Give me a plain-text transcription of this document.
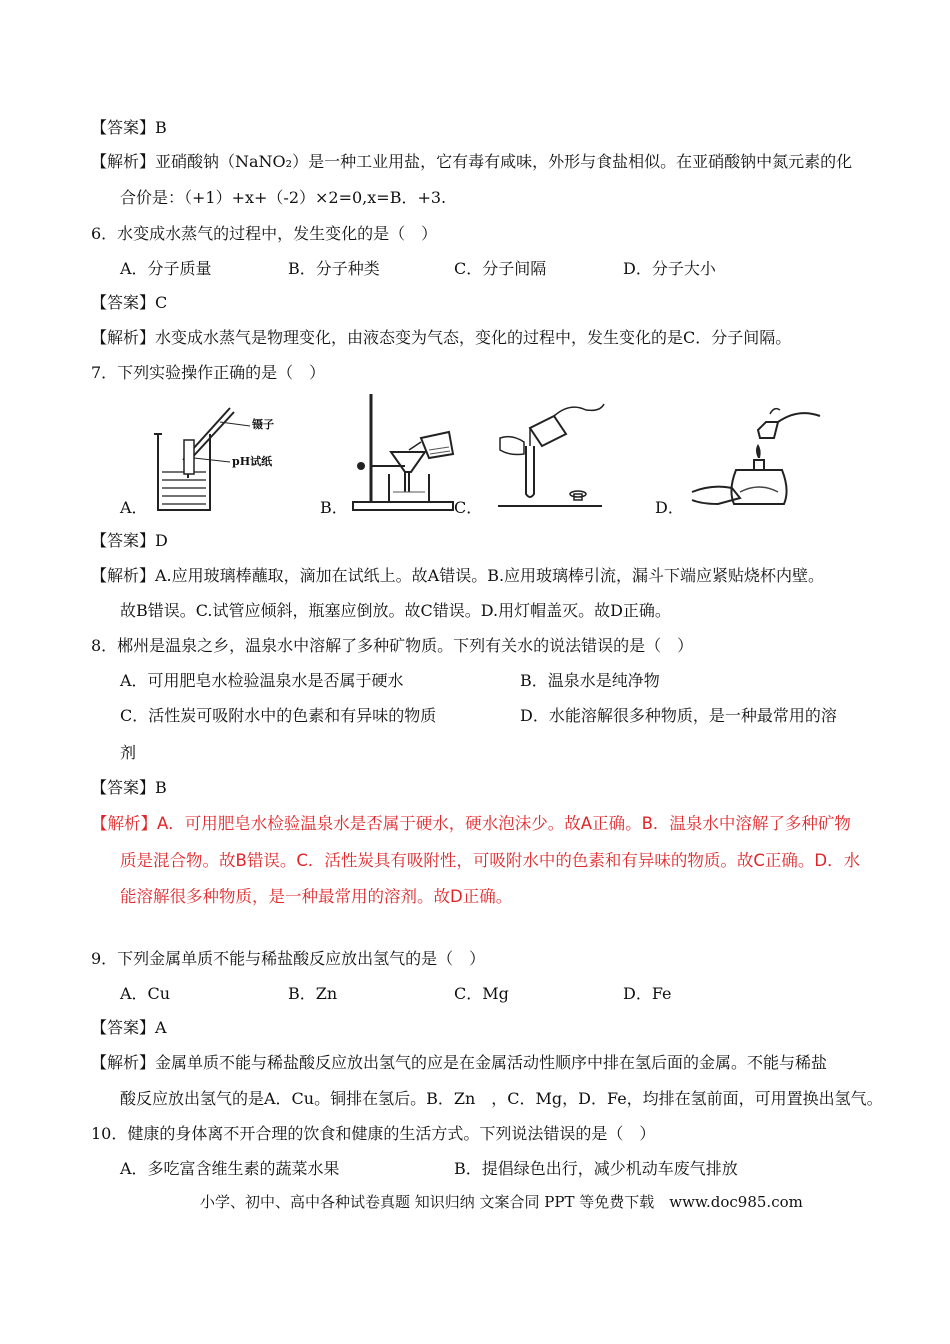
【答案】B
【解析】亚硝酸钠（NaNO₂）是一种工业用盐，它有毒有咸味，外形与食盐相似。在亚硝酸钠中氮元素的化
合价是：（+1）+x+（-2）×2=0,x=B．+3.
6．水变成水蒸气的过程中，发生变化的是（　）
A．分子质量	B．分子种类	C．分子间隔	D．分子大小
【答案】C
【解析】水变成水蒸气是物理变化，由液态变为气态，变化的过程中，发生变化的是C．分子间隔。
7．下列实验操作正确的是（　）
镊子
pH试纸
A．	B．	C．	D．
【答案】D
【解析】A.应用玻璃棒蘸取，滴加在试纸上。故A错误。B.应用玻璃棒引流，漏斗下端应紧贴烧杯内壁。
故B错误。C.试管应倾斜，瓶塞应倒放。故C错误。D.用灯帽盖灭。故D正确。
8．郴州是温泉之乡，温泉水中溶解了多种矿物质。下列有关水的说法错误的是（　）
A．可用肥皂水检验温泉水是否属于硬水	B．温泉水是纯净物
C．活性炭可吸附水中的色素和有异味的物质	D．水能溶解很多种物质，是一种最常用的溶
剂
【答案】B
【解析】A．可用肥皂水检验温泉水是否属于硬水，硬水泡沫少。故A正确。B．温泉水中溶解了多种矿物
质是混合物。故B错误。C．活性炭具有吸附性，可吸附水中的色素和有异味的物质。故C正确。D．水
能溶解很多种物质，是一种最常用的溶剂。故D正确。
9．下列金属单质不能与稀盐酸反应放出氢气的是（　）
A．Cu	B．Zn	C．Mg	D．Fe
【答案】A
【解析】金属单质不能与稀盐酸反应放出氢气的应是在金属活动性顺序中排在氢后面的金属。不能与稀盐
酸反应放出氢气的是A．Cu。铜排在氢后。B．Zn　，C．Mg，D．Fe，均排在氢前面，可用置换出氢气。
10．健康的身体离不开合理的饮食和健康的生活方式。下列说法错误的是（　）
A．多吃富含维生素的蔬菜水果	B．提倡绿色出行，减少机动车废气排放
小学、初中、高中各种试卷真题 知识归纳 文案合同 PPT 等免费下载　www.doc985.com
